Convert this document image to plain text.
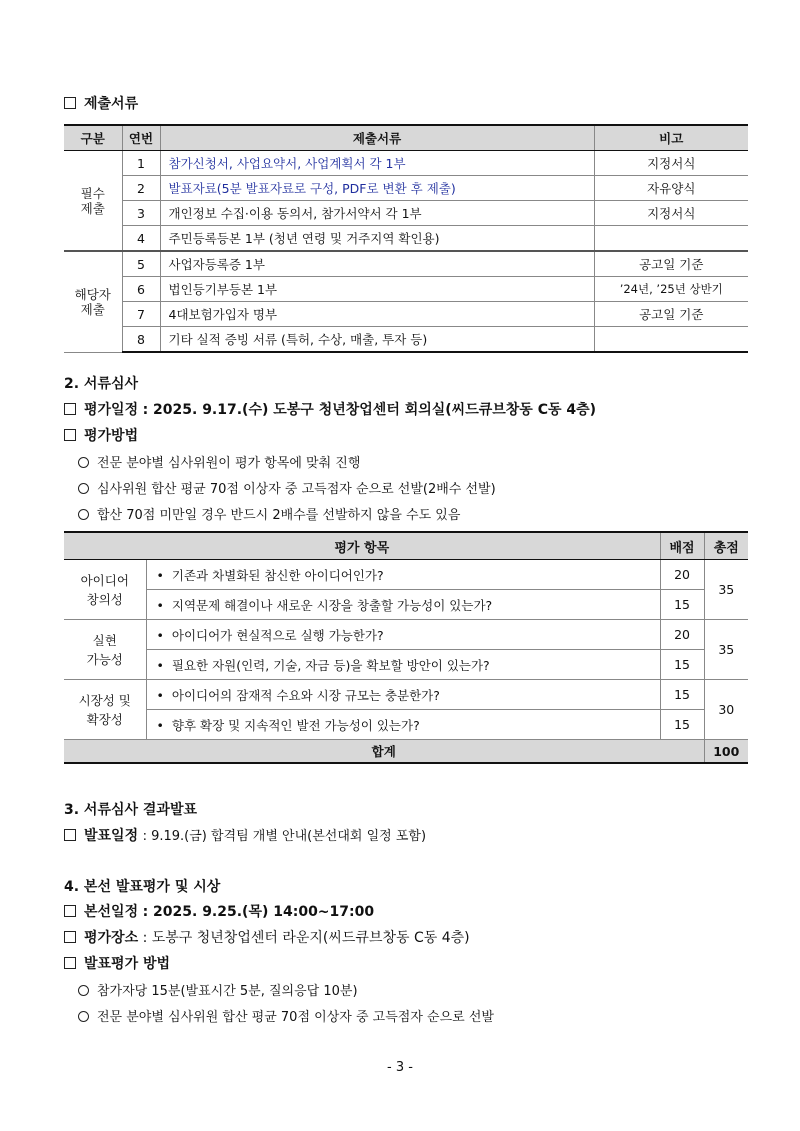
제출서류
구분	연번	제출서류	비고
필수
제출	1	참가신청서, 사업요약서, 사업계획서 각 1부	지정서식
	2	발표자료(5분 발표자료로 구성, PDF로 변환 후 제출)	자유양식
	3	개인정보 수집·이용 동의서, 참가서약서 각 1부	지정서식
	4	주민등록등본 1부 (청년 연령 및 거주지역 확인용)	
해당자
제출	5	사업자등록증 1부	공고일 기준
	6	법인등기부등본 1부	’24년, ’25년 상반기
	7	4대보험가입자 명부	공고일 기준
	8	기타 실적 증빙 서류 (특허, 수상, 매출, 투자 등)	
2. 서류심사
평가일정 : 2025. 9.17.(수) 도봉구 청년창업센터 회의실(씨드큐브창동 C동 4층)
평가방법
전문 분야별 심사위원이 평가 항목에 맞춰 진행
심사위원 합산 평균 70점 이상자 중 고득점자 순으로 선발(2배수 선발)
합산 70점 미만일 경우 반드시 2배수를 선발하지 않을 수도 있음
평가 항목		배점	총점
아이디어
창의성	• 기존과 차별화된 참신한 아이디어인가?	20	35
	• 지역문제 해결이나 새로운 시장을 창출할 가능성이 있는가?	15	
실현
가능성	• 아이디어가 현실적으로 실행 가능한가?	20	35
	• 필요한 자원(인력, 기술, 자금 등)을 확보할 방안이 있는가?	15	
시장성 및
확장성	• 아이디어의 잠재적 수요와 시장 규모는 충분한가?	15	30
	• 향후 확장 및 지속적인 발전 가능성이 있는가?	15	
합계			100
3. 서류심사 결과발표
발표일정 : 9.19.(금) 합격팀 개별 안내(본선대회 일정 포함)
4. 본선 발표평가 및 시상
본선일정 : 2025. 9.25.(목) 14:00~17:00
평가장소 : 도봉구 청년창업센터 라운지(씨드큐브창동 C동 4층)
발표평가 방법
참가자당 15분(발표시간 5분, 질의응답 10분)
전문 분야별 심사위원 합산 평균 70점 이상자 중 고득점자 순으로 선발
- 3 -
